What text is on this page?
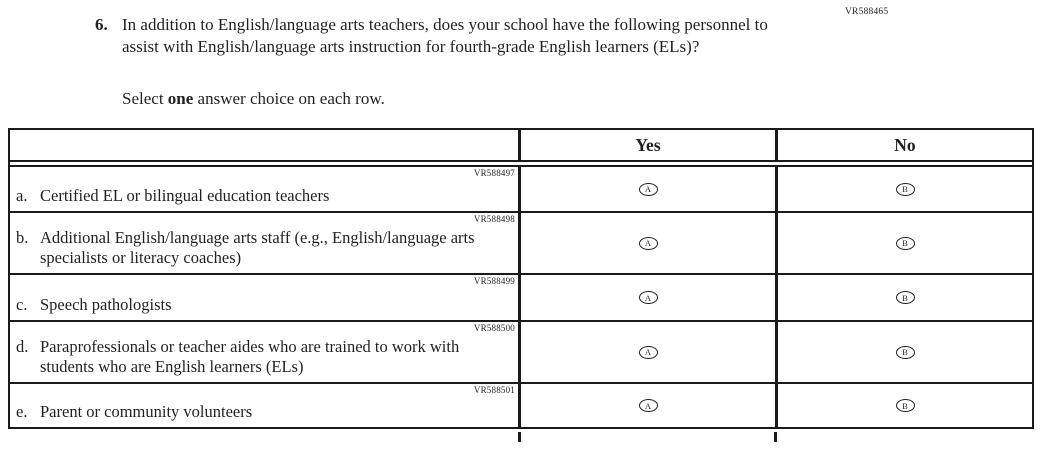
VR588465
6. In addition to English/language arts teachers, does your school have the following personnel to assist with English/language arts instruction for fourth-grade English learners (ELs)?
Select one answer choice on each row.
Yes	No
VR588497
a. Certified EL or bilingual education teachers	A	B
VR588498
b. Additional English/language arts staff (e.g., English/language arts specialists or literacy coaches)
A	B
VR588499
c. Speech pathologists	A	B
VR588500
d. Paraprofessionals or teacher aides who are trained to work with students who are English learners (ELs)
A	B
VR588501
e. Parent or community volunteers	A	B
